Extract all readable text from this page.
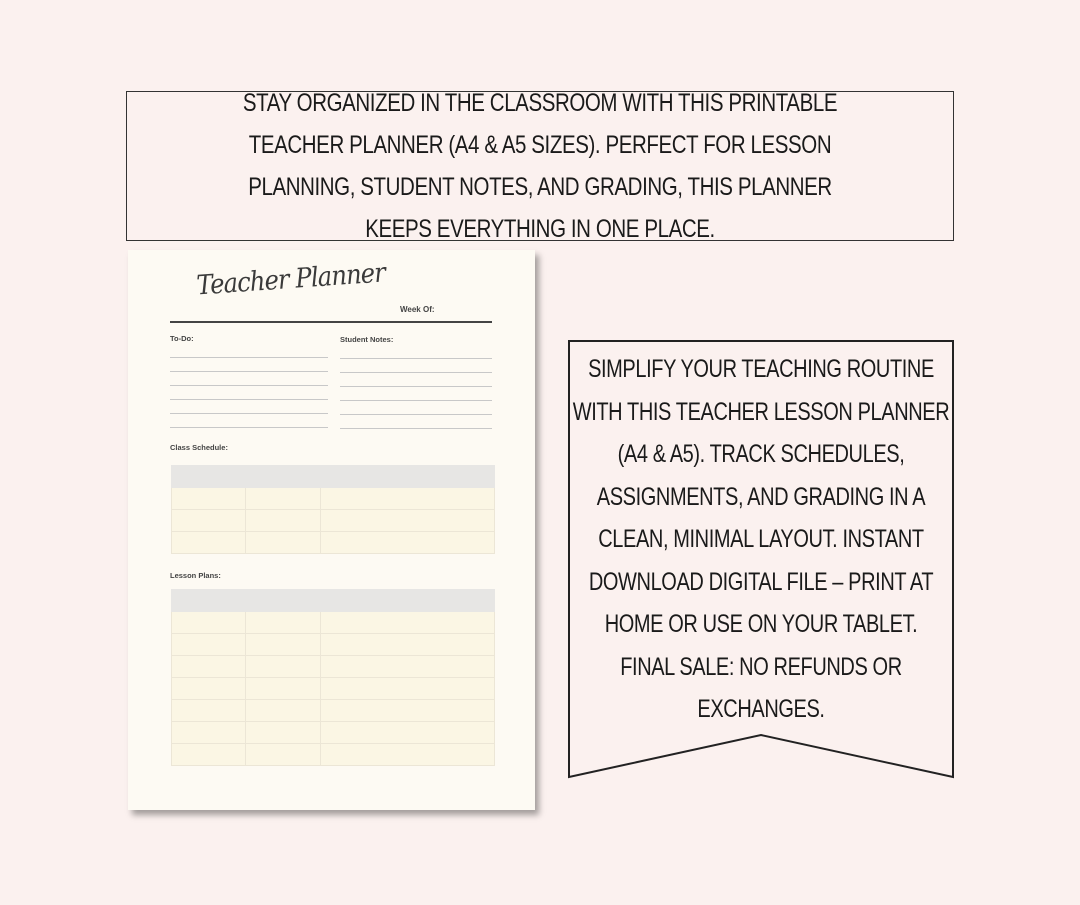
STAY ORGANIZED IN THE CLASSROOM WITH THIS PRINTABLE TEACHER PLANNER (A4 & A5 SIZES). PERFECT FOR LESSON PLANNING, STUDENT NOTES, AND GRADING, THIS PLANNER KEEPS EVERYTHING IN ONE PLACE.
Teacher Planner
Week Of:
To-Do:	Student Notes:
Class Schedule:

Lesson Plans:

SIMPLIFY YOUR TEACHING ROUTINE
WITH THIS TEACHER LESSON PLANNER
(A4 & A5). TRACK SCHEDULES,
ASSIGNMENTS, AND GRADING IN A
CLEAN, MINIMAL LAYOUT. INSTANT
DOWNLOAD DIGITAL FILE – PRINT AT
HOME OR USE ON YOUR TABLET.
FINAL SALE: NO REFUNDS OR
EXCHANGES.
